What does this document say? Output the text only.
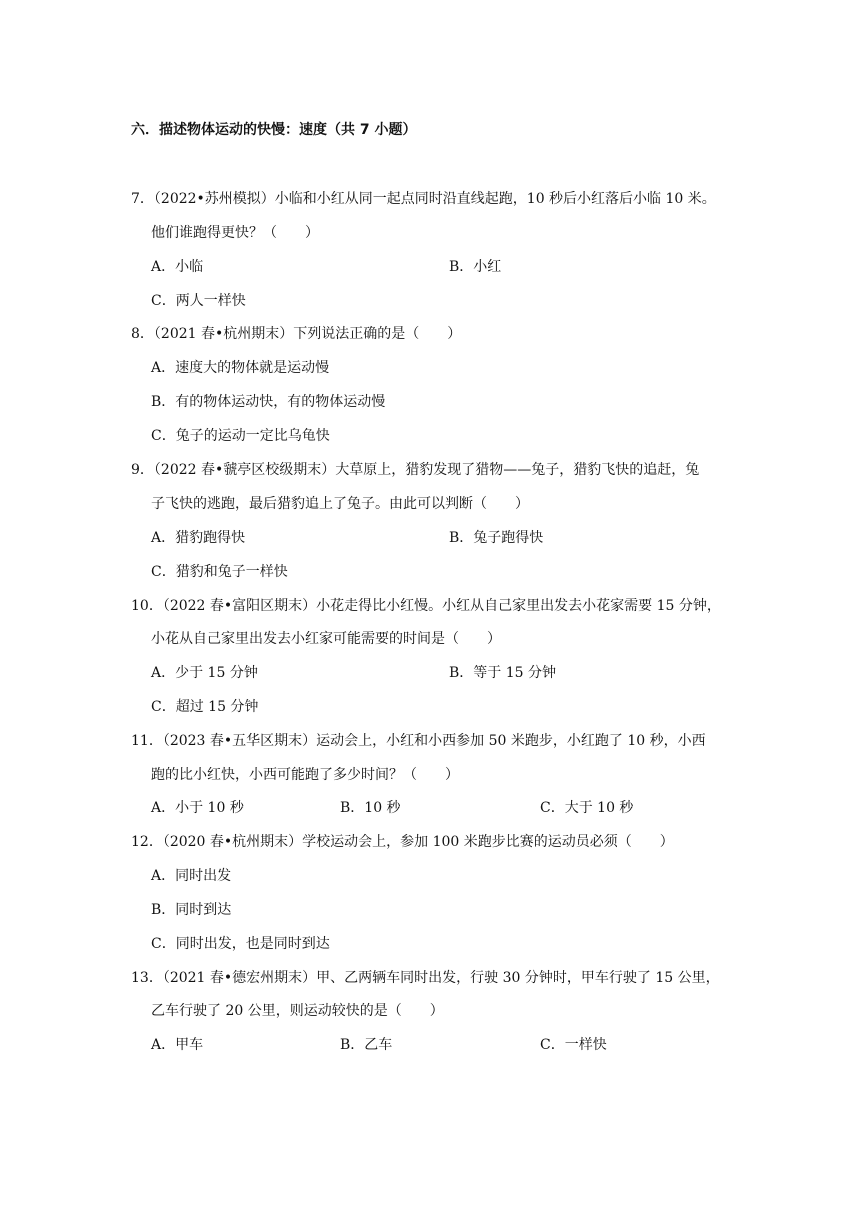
六．描述物体运动的快慢：速度（共 7 小题）
7．（2022•苏州模拟）小临和小红从同一起点同时沿直线起跑，10 秒后小红落后小临 10 米。
他们谁跑得更快？（　　）
A．小临	B．小红
C．两人一样快
8．（2021 春•杭州期末）下列说法正确的是（　　）
A．速度大的物体就是运动慢
B．有的物体运动快，有的物体运动慢
C．兔子的运动一定比乌龟快
9．（2022 春•虢亭区校级期末）大草原上，猎豹发现了猎物——兔子，猎豹飞快的追赶，兔
子飞快的逃跑，最后猎豹追上了兔子。由此可以判断（　　）
A．猎豹跑得快	B．兔子跑得快
C．猎豹和兔子一样快
10．（2022 春•富阳区期末）小花走得比小红慢。小红从自己家里出发去小花家需要 15 分钟，
小花从自己家里出发去小红家可能需要的时间是（　　）
A．少于 15 分钟	B．等于 15 分钟
C．超过 15 分钟
11．（2023 春•五华区期末）运动会上，小红和小西参加 50 米跑步，小红跑了 10 秒，小西
跑的比小红快，小西可能跑了多少时间？（　　）
A．小于 10 秒	B．10 秒	C．大于 10 秒
12．（2020 春•杭州期末）学校运动会上，参加 100 米跑步比赛的运动员必须（　　）
A．同时出发
B．同时到达
C．同时出发，也是同时到达
13．（2021 春•德宏州期末）甲、乙两辆车同时出发，行驶 30 分钟时，甲车行驶了 15 公里，
乙车行驶了 20 公里，则运动较快的是（　　）
A．甲车	B．乙车	C．一样快
